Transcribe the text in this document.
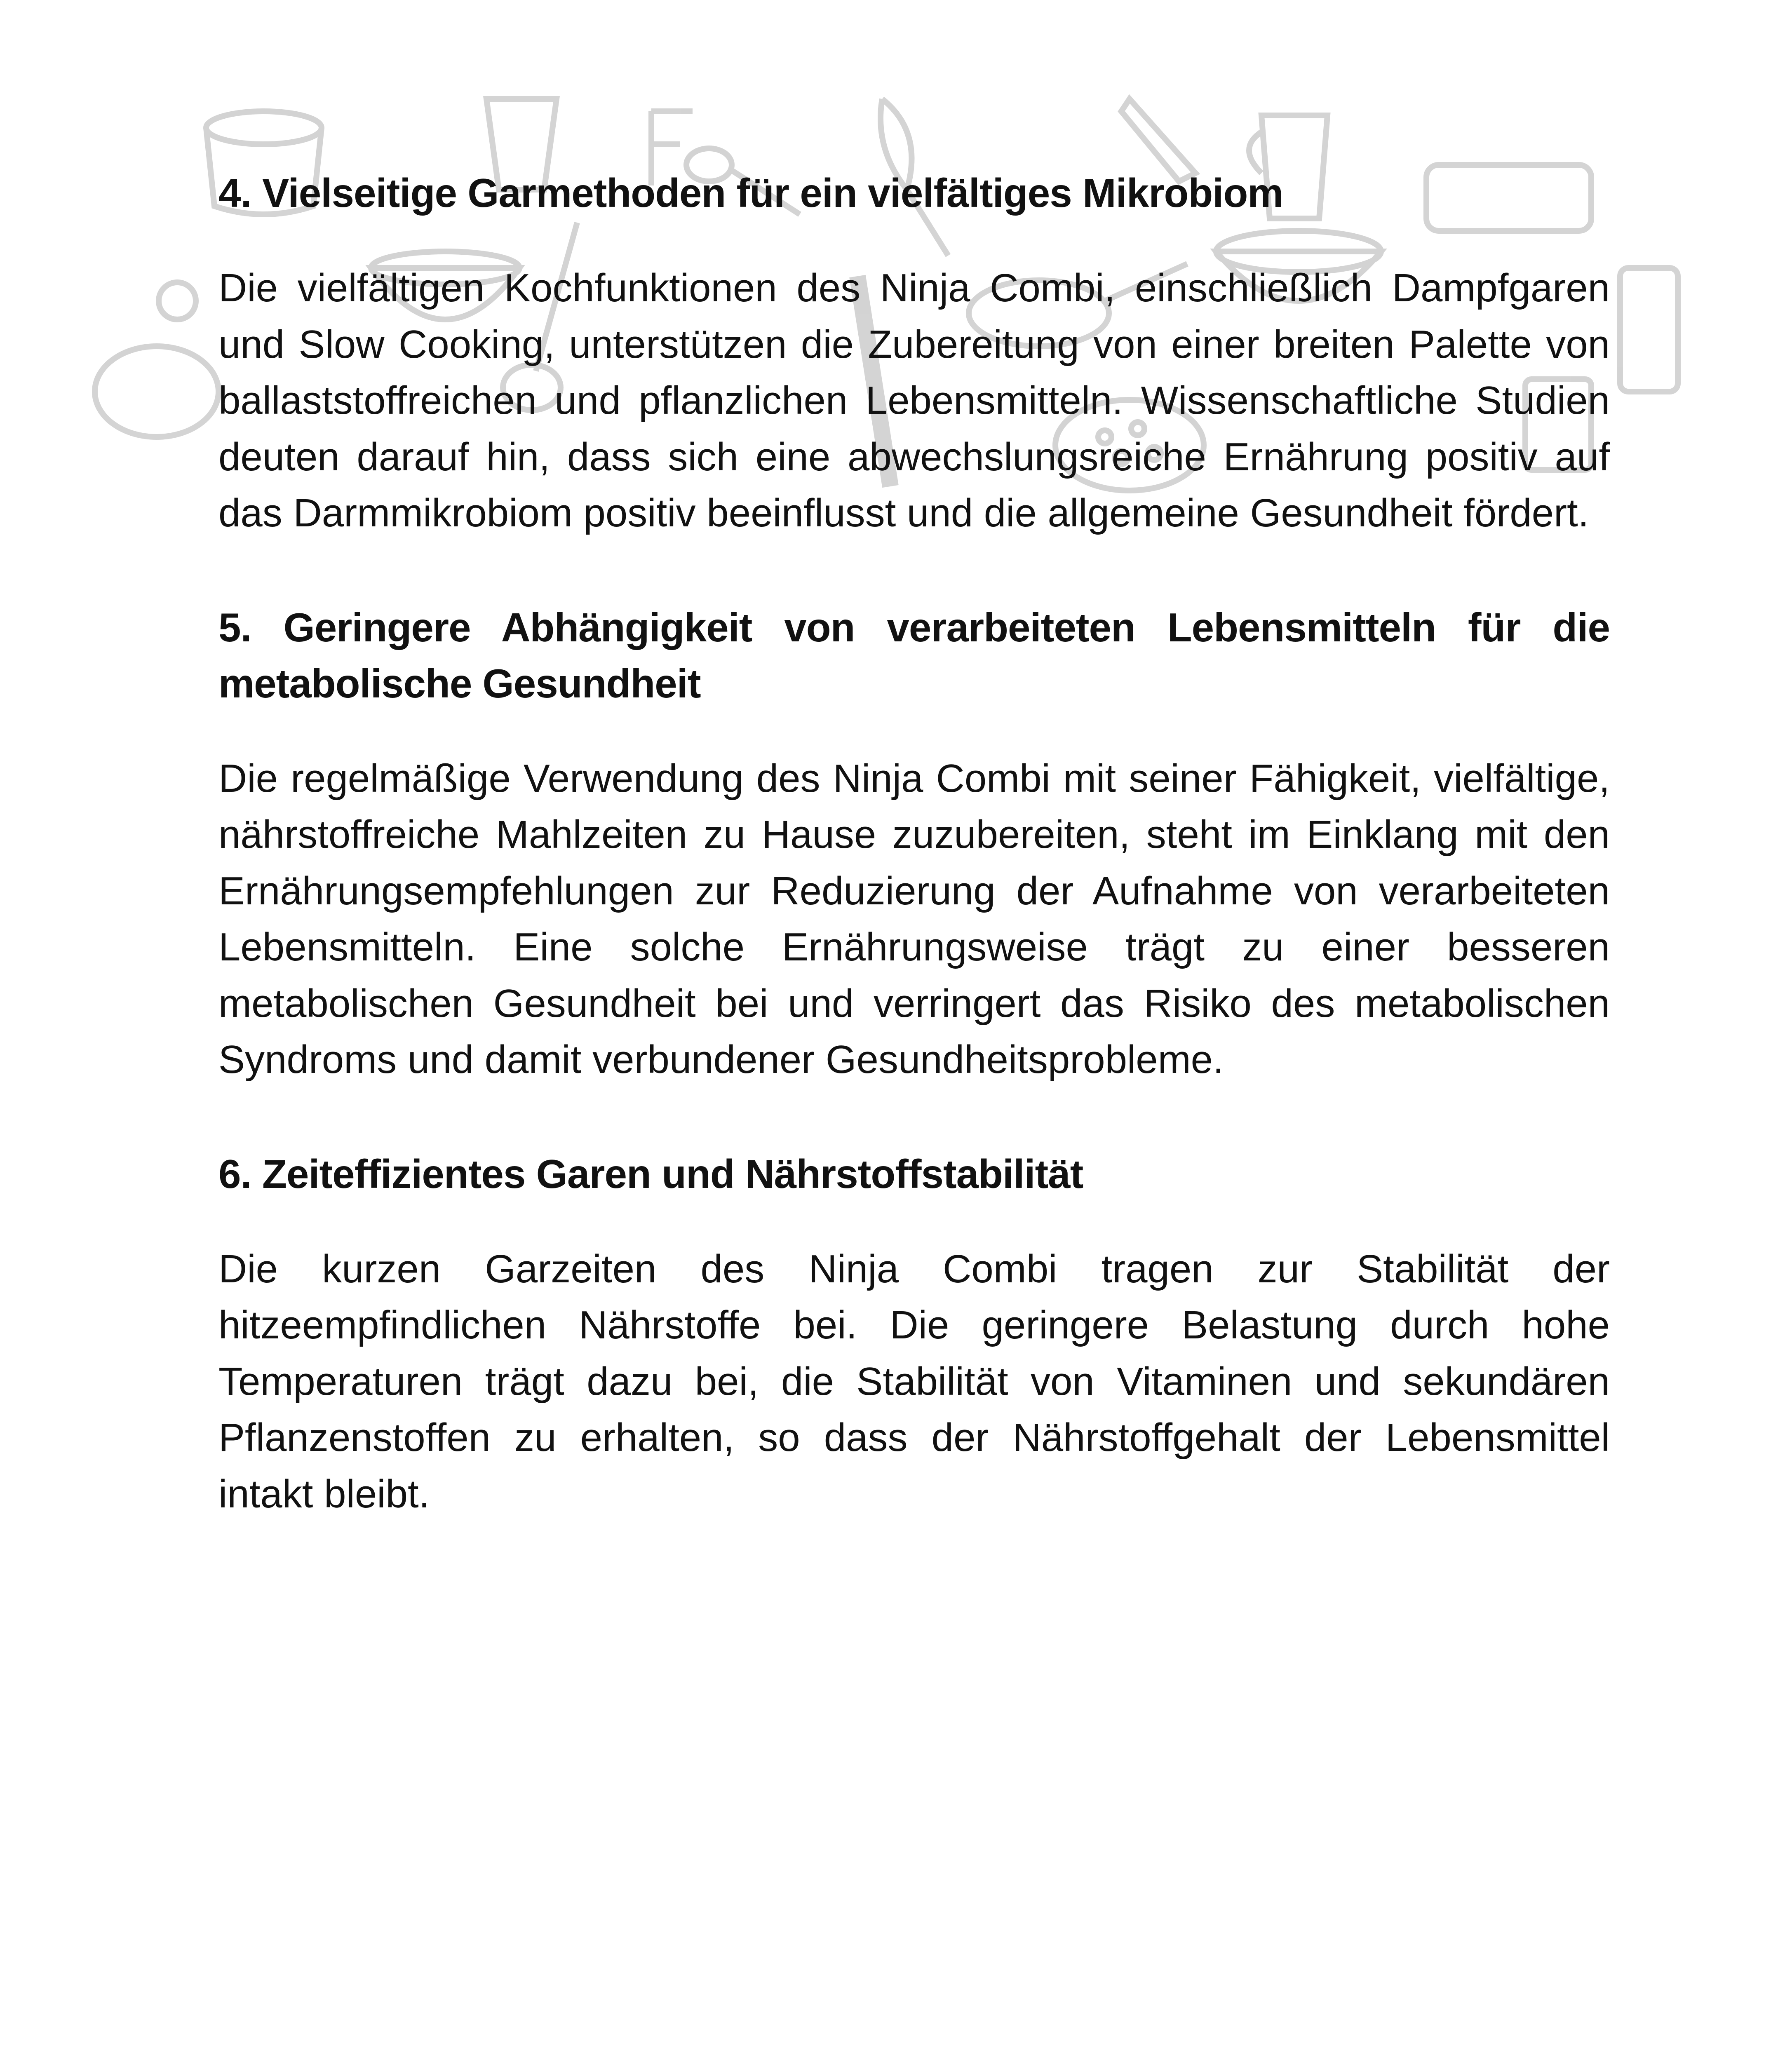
4. Vielseitige Garmethoden für ein vielfältiges Mikrobiom

Die vielfältigen Kochfunktionen des Ninja Combi, einschließlich Dampfgaren und Slow Cooking, unterstützen die Zubereitung von einer breiten Palette von ballaststoffreichen und pflanzlichen Lebensmitteln. Wissenschaftliche Studien deuten darauf hin, dass sich eine abwechslungsreiche Ernährung positiv auf das Darmmikrobiom positiv beeinflusst und die allgemeine Gesundheit fördert.

5. Geringere Abhängigkeit von verarbeiteten Lebensmitteln für die metabolische Gesundheit

Die regelmäßige Verwendung des Ninja Combi mit seiner Fähigkeit, vielfältige, nährstoffreiche Mahlzeiten zu Hause zuzubereiten, steht im Einklang mit den Ernährungsempfehlungen zur Reduzierung der Aufnahme von verarbeiteten Lebensmitteln. Eine solche Ernährungsweise trägt zu einer besseren metabolischen Gesundheit bei und verringert das Risiko des metabolischen Syndroms und damit verbundener Gesundheitsprobleme.

6. Zeiteffizientes Garen und Nährstoffstabilität

Die kurzen Garzeiten des Ninja Combi tragen zur Stabilität der hitzeempfindlichen Nährstoffe bei. Die geringere Belastung durch hohe Temperaturen trägt dazu bei, die Stabilität von Vitaminen und sekundären Pflanzenstoffen zu erhalten, so dass der Nährstoffgehalt der Lebensmittel intakt bleibt.
